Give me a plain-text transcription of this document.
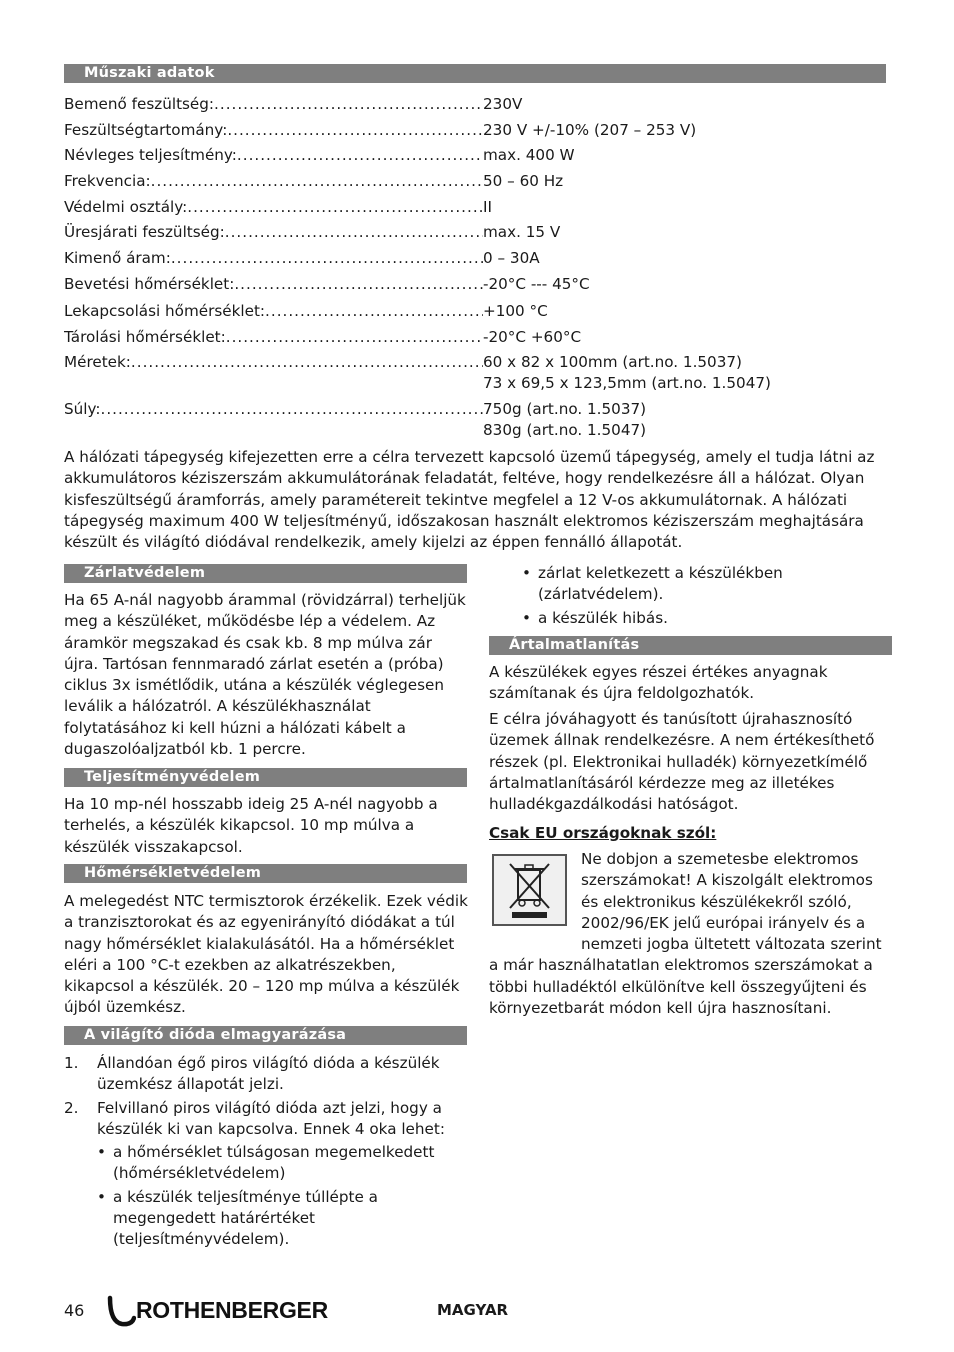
Műszaki adatok
Bemenő feszültség: .....	230V
Feszültségtartomány: .....	230 V +/-10% (207 – 253 V)
Névleges teljesítmény: .....	max. 400 W
Frekvencia: .....	50 – 60 Hz
Védelmi osztály: .....	II
Üresjárati feszültség: .....	max. 15 V
Kimenő áram: .....	0 – 30A
Bevetési hőmérséklet: .....	-20°C --- 45°C
Lekapcsolási hőmérséklet: .....	+100 °C
Tárolási hőmérséklet: .....	-20°C +60°C
Méretek: .....	60 x 82 x 100mm (art.no. 1.5037)
73 x 69,5 x 123,5mm (art.no. 1.5047)
Súly: .....	750g (art.no. 1.5037)
830g (art.no. 1.5047)

A hálózati tápegység kifejezetten erre a célra tervezett kapcsoló üzemű tápegység, amely el tudja látni az akkumulátoros kéziszerszám akkumulátorának feladatát, feltéve, hogy rendelkezésre áll a hálózat. Olyan kisfeszültségű áramforrás, amely paramétereit tekintve megfelel a 12 V-os akkumulátornak. A hálózati tápegység maximum 400 W teljesítményű, időszakosan használt elektromos kéziszerszám meghajtására készült és világító diódával rendelkezik, amely kijelzi az éppen fennálló állapotát.

Zárlatvédelem

Ha 65 A-nál nagyobb árammal (rövidzárral) terheljük meg a készüléket, működésbe lép a védelem. Az áramkör megszakad és csak kb. 8 mp múlva zár újra. Tartósan fennmaradó zárlat esetén a (próba) ciklus 3x ismétlődik, utána a készülék véglegesen leválik a hálózatról. A készülékhasználat folytatásához ki kell húzni a hálózati kábelt a dugaszolóaljzatból kb. 1 percre.

Teljesítményvédelem

Ha 10 mp-nél hosszabb ideig 25 A-nél nagyobb a terhelés, a készülék kikapcsol. 10 mp múlva a készülék visszakapcsol.

Hőmérsékletvédelem

A melegedést NTC termisztorok érzékelik. Ezek védik a tranzisztorokat és az egyenirányító diódákat a túl nagy hőmérséklet kialakulásától. Ha a hőmérséklet eléri a 100 °C-t ezekben az alkatrészekben, kikapcsol a készülék. 20 – 120 mp múlva a készülék újból üzemkész.

A világító dióda elmagyarázása
1. Állandóan égő piros világító dióda a készülék üzemkész állapotát jelzi.
2. Felvillanó piros világító dióda azt jelzi, hogy a készülék ki van kapcsolva. Ennek 4 oka lehet:
• a hőmérséklet túlságosan megemelkedett (hőmérsékletvédelem)
• a készülék teljesítménye túllépte a megengedett határértéket (teljesítményvédelem).
• zárlat keletkezett a készülékben (zárlatvédelem).
• a készülék hibás.
Ártalmatlanítás

A készülékek egyes részei értékes anyagnak számítanak és újra feldolgozhatók.

E célra jóváhagyott és tanúsított újrahasznosító üzemek állnak rendelkezésre. A nem értékesíthető részek (pl. Elektronikai hulladék) környezetkímélő ártalmatlanításáról kérdezze meg az illetékes hulladékgazdálkodási hatóságot.

Csak EU országoknak szól:

Ne dobjon a szemetesbe elektromos szerszámokat! A kiszolgált elektromos és elektronikus készülékekről szóló, 2002/96/EK jelű európai irányelv és a nemzeti jogba ültetett változata szerint a már használhatatlan elektromos szerszámokat a többi hulladéktól elkülönítve kell összegyűjteni és környezetbarát módon kell újra hasznosítani.

46 ROTHENBERGER	MAGYAR
